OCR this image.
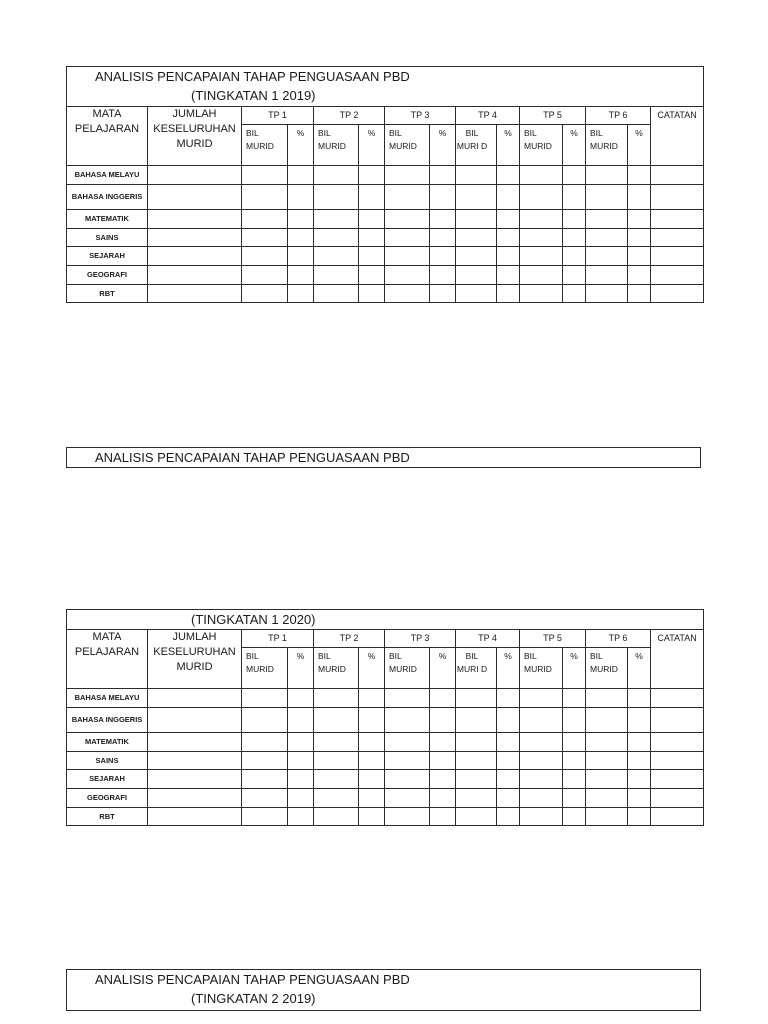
ANALISIS PENCAPAIAN TAHAP PENGUASAAN PBD
(TINGKATAN 1 2019)														

MATA PELAJARAN	JUMLAH KESELURUHAN MURID	TP 1		TP 2		TP 3		TP 4		TP 5		TP 6		CATATAN
		BIL MURID	%	BIL MURID	%	BIL MURID	%	BIL MURI D	%	BIL MURID	%	BIL MURID	%	
BAHASA MELAYU														
BAHASA INGGERIS														
MATEMATIK														
SAINS														
SEJARAH														
GEOGRAFI														
RBT														
ANALISIS PENCAPAIAN TAHAP PENGUASAAN PBD
(TINGKATAN 1 2020)														

MATA PELAJARAN	JUMLAH KESELURUHAN MURID	TP 1		TP 2		TP 3		TP 4		TP 5		TP 6		CATATAN
		BIL MURID	%	BIL MURID	%	BIL MURID	%	BIL MURI D	%	BIL MURID	%	BIL MURID	%	
BAHASA MELAYU														
BAHASA INGGERIS														
MATEMATIK														
SAINS														
SEJARAH														
GEOGRAFI														
RBT														
ANALISIS PENCAPAIAN TAHAP PENGUASAAN PBD
(TINGKATAN 2 2019)
